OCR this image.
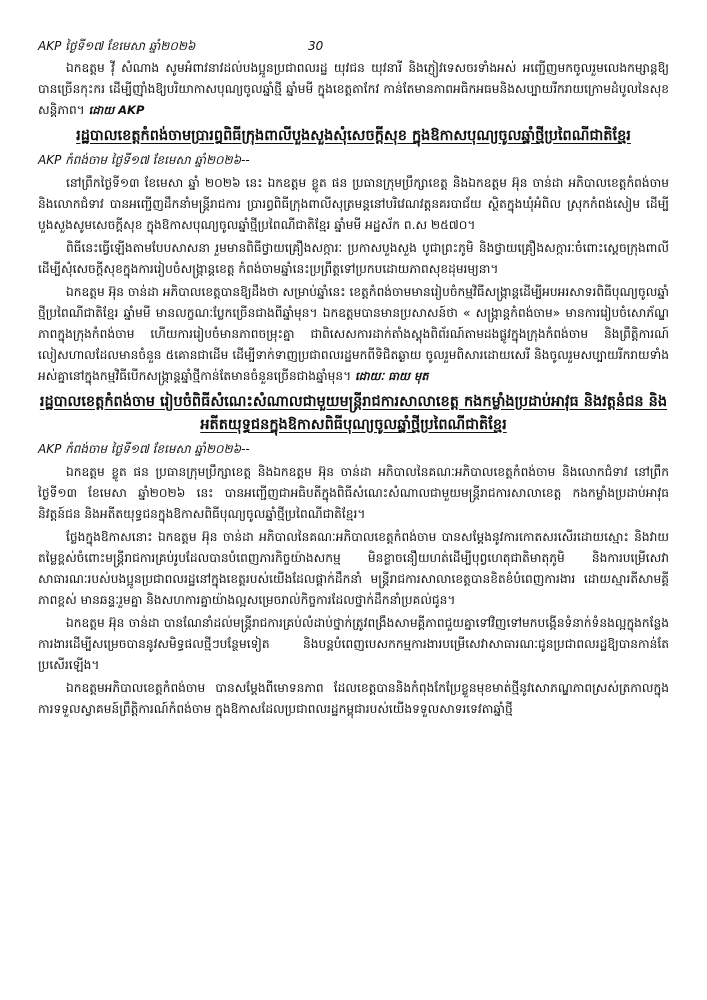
AKP ថ្ងៃទី១៧ ខែមេសា ឆ្នាំ២០២៦	30

ឯកឧត្តម វ៉ី សំណាង សូមអំពាវនាវដល់បងប្អូនប្រជាពលរដ្ឋ យុវជន យុវនារី និងភ្ញៀវទេសចរទាំងអស់ អញ្ជើញមកចូលរួមលេងកម្សាន្តឱ្យបានច្រើនកុះករ ដើម្បីញ៉ាំងឱ្យបរិយាកាសបុណ្យចូលឆ្នាំថ្មី ឆ្នាំមមី ក្នុងខេត្តតាកែវ កាន់តែមានភាពអធិកអធមនិងសប្បាយរីករាយក្រោមដំបូលនៃសុខសន្តិភាព។ ដោយ AKP

រដ្ឋបាលខេត្តកំពង់ចាមប្រារព្ធពិធីក្រុងពាលីបួងសួងសុំសេចក្តីសុខ ក្នុងឱកាសបុណ្យចូលឆ្នាំថ្មីប្រពៃណីជាតិខ្មែរ
AKP កំពង់ចាម ថ្ងៃទី១៧ ខែមេសា ឆ្នាំ២០២៦--

នៅព្រឹកថ្ងៃទី១៣ ខែមេសា ឆ្នាំ ២០២៦ នេះ ឯកឧត្តម ខ្លូត ផន ប្រធានក្រុមប្រឹក្សាខេត្ត និងឯកឧត្តម អ៊ុន ចាន់ដា អភិបាលខេត្តកំពង់ចាម និងលោកជំទាវ បានអញ្ជើញដឹកនាំមន្ត្រីរាជការ ប្រារព្ធពិធីក្រុងពាលីសុត្រមន្តនៅបរិវេណវត្តនគរបាជ័យ ស្ថិតក្នុងឃុំអំពិល ស្រុកកំពង់សៀម ដើម្បីបួងសួងសូមសេចក្តីសុខ ក្នុងឱកាសបុណ្យចូលឆ្នាំថ្មីប្រពៃណីជាតិខ្មែរ ឆ្នាំមមី អដ្ឋស័ក ព.ស ២៥៧០។

ពិធីនេះធ្វើឡើងតាមបែបសាសនា រួមមានពិធីថ្វាយគ្រឿងសក្ការៈ ប្រកាសបួងសួង បូជាព្រះភូមិ និងថ្វាយគ្រឿងសក្ការៈចំពោះស្តេចក្រុងពាលី ដើម្បីសុំសេចក្តីសុខក្នុងការរៀបចំសង្ក្រាន្តខេត្ត កំពង់ចាមឆ្នាំនេះប្រព្រឹត្តទៅប្រកបដោយភាពសុខដុមរម្យនា។

ឯកឧត្តម អ៊ុន ចាន់ដា អភិបាលខេត្តបានឱ្យដឹងថា សម្រាប់ឆ្នាំនេះ ខេត្តកំពង់ចាមមានរៀបចំកម្មវិធីសង្ក្រាន្តដើម្បីអបអរសាទរពិធីបុណ្យចូលឆ្នាំថ្មីប្រពៃណីជាតិខ្មែរ ឆ្នាំមមី មានលក្ខណៈប្លែកច្រើនជាងពីឆ្នាំមុន។ ឯកឧត្តមបានមានប្រសាសន៍ថា « សង្ក្រាន្តកំពង់ចាម» មានការរៀបចំសោភ័ណ្ឌភាពក្នុងក្រុងកំពង់ចាម ហើយការរៀបចំមានភាពចម្រុះគ្នា ជាពិសេសការដាក់តាំងស្តុងពិព័រណ៍តាមដងផ្លូវក្នុងក្រុងកំពង់ចាម និងព្រឹត្តិការណ៍លៀសហាលដែលមានចំនួន ៥គោនជាដើម ដើម្បីទាក់ទាញប្រជាពលរដ្ឋមកពីទិជិតឆ្ងាយ ចូលរួមពិសារដោយសេរី និងចូលរួមសប្បាយរីករាយទាំងអស់គ្នានៅក្នុងកម្មវិធីបើកសង្ក្រាន្តឆ្នាំថ្មីកាន់តែមានចំនួនច្រើនជាងឆ្នាំមុន។ ដោយៈ ធាយ មុត

រដ្ឋបាលខេត្តកំពង់ចាម រៀបចំពិធីសំណេះសំណាលជាមួយមន្ត្រីរាជការសាលាខេត្ត កងកម្លាំងប្រដាប់អាវុធ និងវត្តនំជន និងអតីតយុទ្ធជនក្នុងឱកាសពិធីបុណ្យចូលឆ្នាំថ្មីប្រពៃណីជាតិខ្មែរ
AKP កំពង់ចាម ថ្ងៃទី១៧ ខែមេសា ឆ្នាំ២០២៦--

ឯកឧត្តម ខ្លូត ផន ប្រធានក្រុមប្រឹក្សាខេត្ត និងឯកឧត្តម អ៊ុន ចាន់ដា អភិបាលនៃគណៈអភិបាលខេត្តកំពង់ចាម និងលោកជំទាវ នៅព្រឹកថ្ងៃទី១៣ ខែមេសា ឆ្នាំ២០២៦ នេះ បានអញ្ជើញជាអធិបតីក្នុងពិធីសំណេះសំណាលជាមួយមន្ត្រីរាជការសាលាខេត្ត កងកម្លាំងប្រដាប់អាវុធ និវត្តន៍ជន និងអតីតយុទ្ធជនក្នុងឱកាសពិធីបុណ្យចូលឆ្នាំថ្មីប្រពៃណីជាតិខ្មែរ។

ថ្លែងក្នុងឱកាសនោះ ឯកឧត្តម អ៊ុន ចាន់ដា អភិបាលនៃគណៈអភិបាលខេត្តកំពង់ចាម បានសម្តែងនូវការកោតសរសើរដោយស្មោះ និងវាយតម្លៃខ្ពស់ចំពោះមន្ត្រីរាជការគ្រប់រូបដែលបានបំពេញភារកិច្ចយ៉ាងសកម្ម មិនខ្លាចនឿយហត់ដើម្បីបុព្វហេតុជាតិមាតុភូមិ និងការបម្រើសេវាសាធារណៈរបស់បងប្អូនប្រជាពលរដ្ឋនៅក្នុងខេត្តរបស់យើងដែលផ្តាក់ដឹកនាំ មន្ត្រីរាជការសាលាខេត្តបានខិតខំបំពេញការងារ ដោយស្មារតីសាមគ្គីភាពខ្ពស់ មានឆន្ទៈរួមគ្នា និងសហការគ្នាយ៉ាងល្អសម្រេចរាល់កិច្ចការដែលថ្នាក់ដឹកនាំប្រគល់ជូន។

ឯកឧត្តម អ៊ុន ចាន់ដា បានណែនាំដល់មន្ត្រីរាជការគ្រប់លំដាប់ថ្នាក់ត្រូវពង្រឹងសាមគ្គីភាពជួយគ្នាទៅវិញទៅមកបង្កើនទំនាក់ទំនងល្អក្នុងកន្លែងការងារដើម្បីសម្រេចបាននូវសមិទ្ធផលថ្មីៗបន្ថែមទៀត និងបន្តបំពេញបេសកកម្មការងារបម្រើសេវាសាធារណៈជូនប្រជាពលរដ្ឋឱ្យបានកាន់តែប្រសើរឡើង។

ឯកឧត្តមអភិបាលខេត្តកំពង់ចាម បានសម្តែងពីមោទនភាព ដែលខេត្តបាននិងកំពុងកែប្រែខ្លួនមុខមាត់ថ្មីនូវសោភណ្ឌភាពស្រស់ត្រកាលក្នុងការទទួលស្វាគមន៍ព្រឹត្តិការណ៍កំពង់ចាម ក្នុងឱកាសដែលប្រជាពលរដ្ឋកម្ពុជារបស់យើងទទួលសាទរទេវតាឆ្នាំថ្មី
